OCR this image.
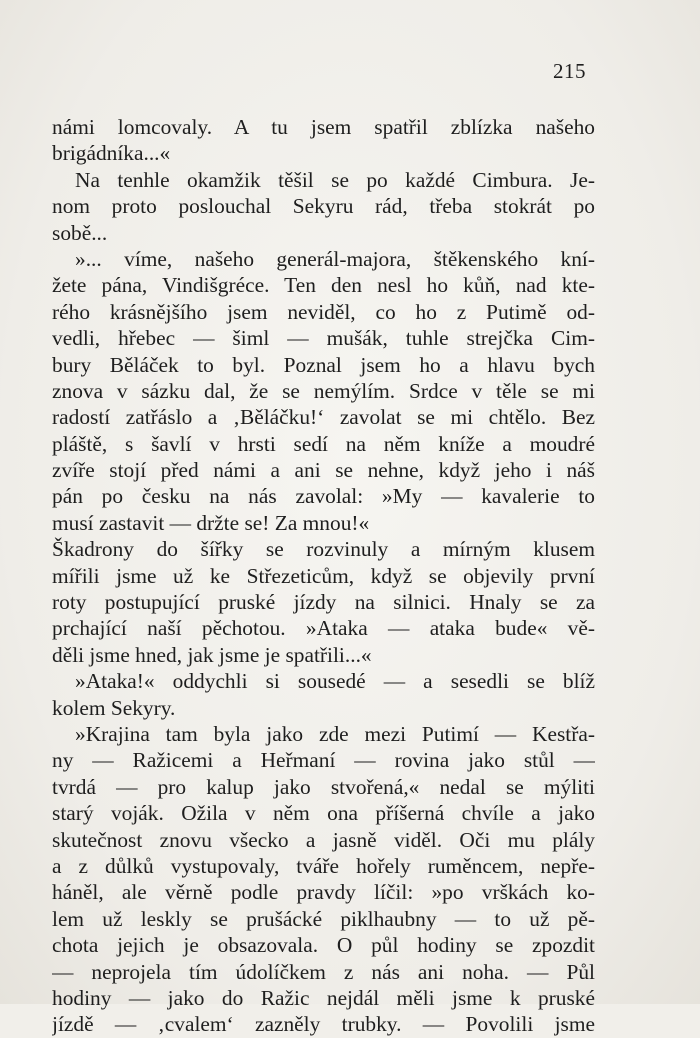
215
námi lomcovaly. A tu jsem spatřil zblízka našeho
brigádníka...«
Na tenhle okamžik těšil se po každé Cimbura. Je-
nom proto poslouchal Sekyru rád, třeba stokrát po
sobě...
»... víme, našeho generál-majora, štěkenského kní-
žete pána, Vindišgréce. Ten den nesl ho kůň, nad kte-
rého krásnějšího jsem neviděl, co ho z Putimě od-
vedli, hřebec — šiml — mušák, tuhle strejčka Cim-
bury Běláček to byl. Poznal jsem ho a hlavu bych
znova v sázku dal, že se nemýlím. Srdce v těle se mi
radostí zatřáslo a ‚Běláčku!‘ zavolat se mi chtělo. Bez
pláště, s šavlí v hrsti sedí na něm kníže a moudré
zvíře stojí před námi a ani se nehne, když jeho i náš
pán po česku na nás zavolal: »My — kavalerie to
musí zastavit — držte se! Za mnou!«
Škadrony do šířky se rozvinuly a mírným klusem
mířili jsme už ke Střezeticům, když se objevily první
roty postupující pruské jízdy na silnici. Hnaly se za
prchající naší pěchotou. »Ataka — ataka bude« vě-
děli jsme hned, jak jsme je spatřili...«
»Ataka!« oddychli si sousedé — a sesedli se blíž
kolem Sekyry.
»Krajina tam byla jako zde mezi Putimí — Kestřa-
ny — Ražicemi a Heřmaní — rovina jako stůl —
tvrdá — pro kalup jako stvořená,« nedal se mýliti
starý voják. Ožila v něm ona příšerná chvíle a jako
skutečnost znovu všecko a jasně viděl. Oči mu plály
a z důlků vystupovaly, tváře hořely ruměncem, nepře-
háněl, ale věrně podle pravdy líčil: »po vrškách ko-
lem už leskly se prušácké piklhaubny — to už pě-
chota jejich je obsazovala. O půl hodiny se zpozdit
— neprojela tím údolíčkem z nás ani noha. — Půl
hodiny — jako do Ražic nejdál měli jsme k pruské
jízdě — ‚cvalem‘ zazněly trubky. — Povolili jsme
